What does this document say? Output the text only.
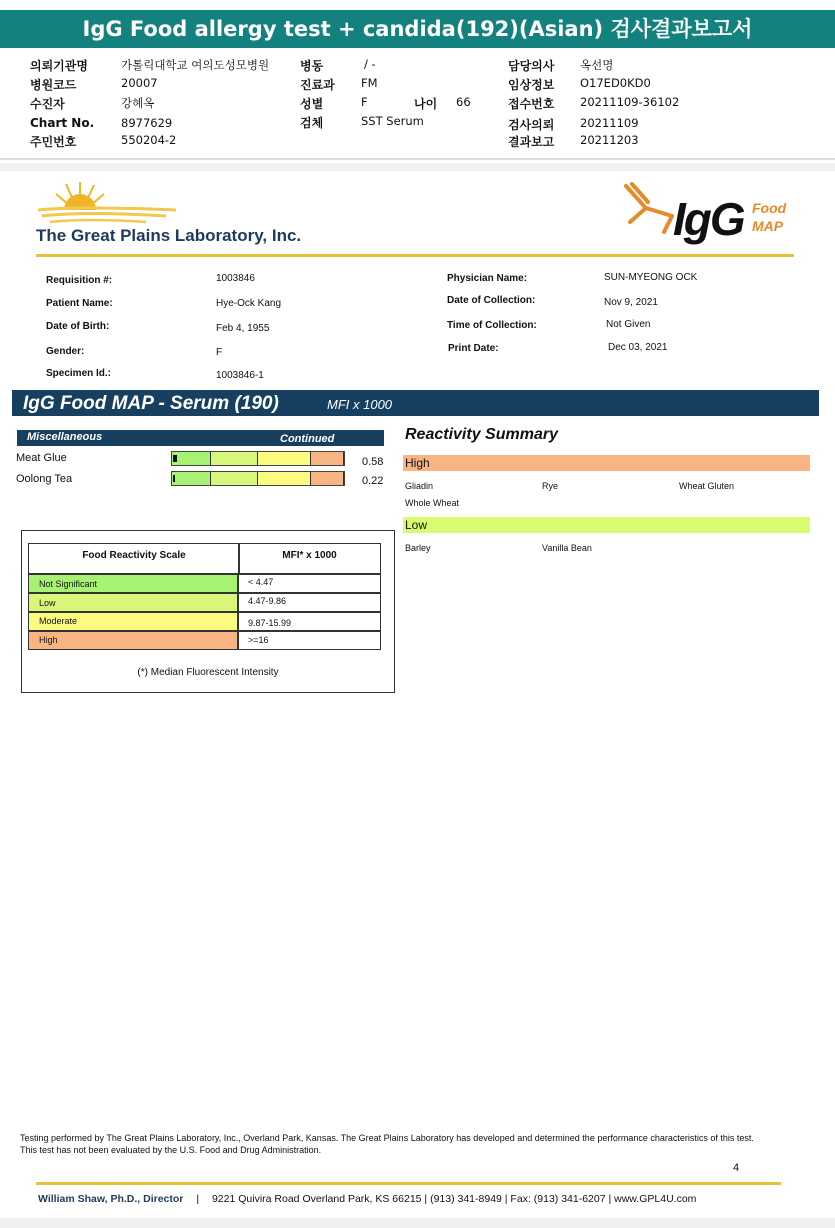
IgG Food allergy test + candida(192)(Asian) 검사결과보고서
의뢰기관명	가톨릭대학교 여의도성모병원
병원코드	20007
수진자	강혜옥
Chart No. 8977629
주민번호	550204-2
병동	/ -
진료과 FM
성별	F	나이 66
검체	SST Serum
담당의사 옥선명
임상정보 O17ED0KD0
접수번호 20211109-36102
검사의뢰 20211109
결과보고 20211203
The Great Plains Laboratory, Inc.	IgG Food
MAP
Requisition #:	1003846
Patient Name:	Hye-Ock Kang
Date of Birth:	Feb 4, 1955
Gender:	F
Specimen Id.:	1003846-1
Physician Name:	SUN-MYEONG OCK
Date of Collection:	Nov 9, 2021
Time of Collection:	Not Given
Print Date:	Dec 03, 2021
IgG Food MAP - Serum (190)	MFI x 1000
Miscellaneous	Continued
Meat Glue	0.58
Oolong Tea	0.22
Reactivity Summary
High
Gliadin	Rye	Wheat Gluten
Whole Wheat
Low
Barley	Vanilla Bean
Food Reactivity Scale	MFI* x 1000
Not Significant	< 4.47
Low	4.47-9.86
Moderate	9.87-15.99
High	>=16
(*) Median Fluorescent Intensity
Testing performed by The Great Plains Laboratory, Inc., Overland Park, Kansas. The Great Plains Laboratory has developed and determined the performance characteristics of this test. This test has not been evaluated by the U.S. Food and Drug Administration.
4
William Shaw, Ph.D., Director | 9221 Quivira Road Overland Park, KS 66215 | (913) 341-8949 | Fax: (913) 341-6207 | www.GPL4U.com
